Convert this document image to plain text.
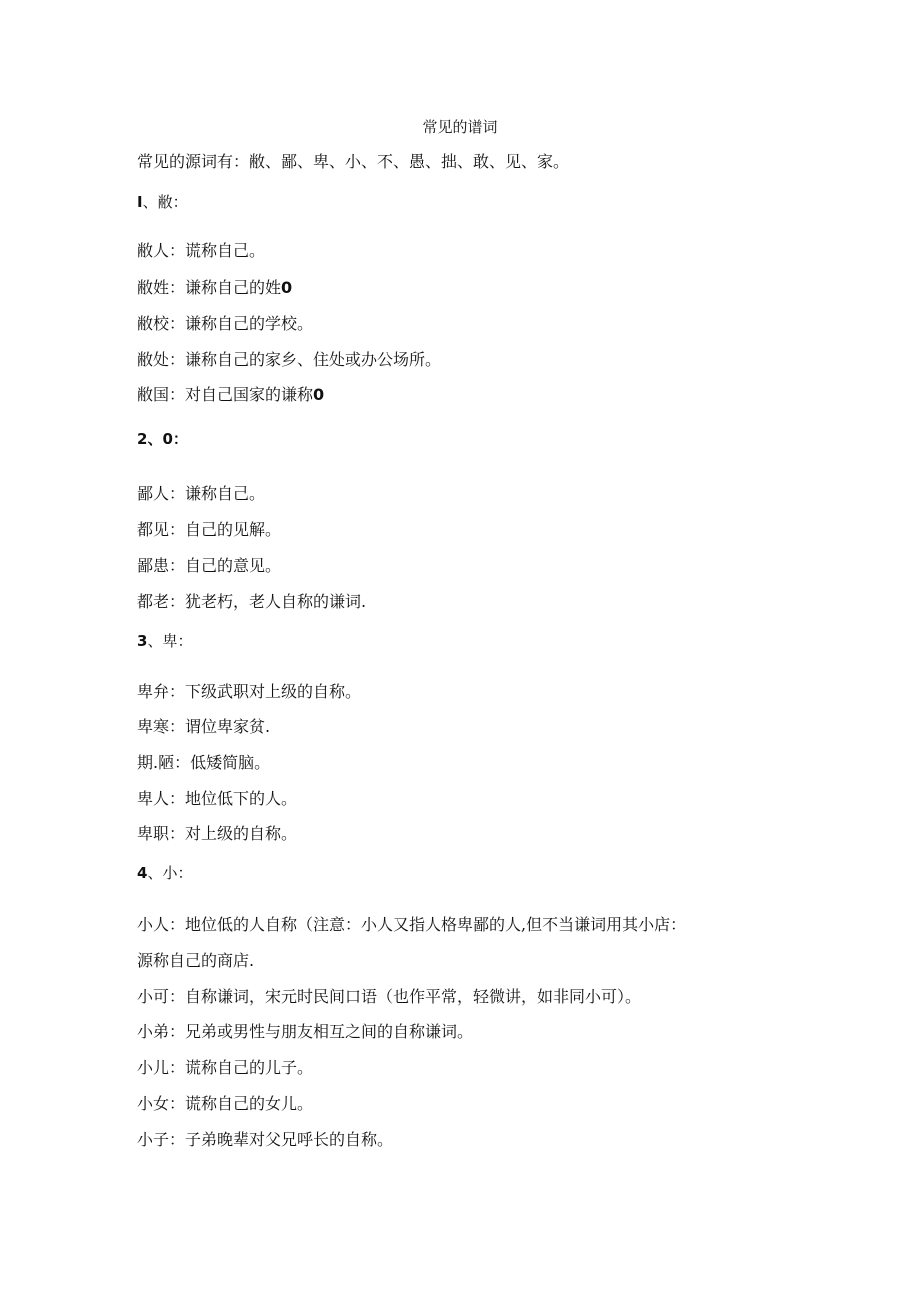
常见的谱词
常见的源词有：敝、鄙、卑、小、不、愚、拙、敢、见、家。
I、敝：
敝人：谎称自己。
敝姓：谦称自己的姓0
敝校：谦称自己的学校。
敝处：谦称自己的家乡、住处或办公场所。
敝国：对自己国家的谦称0
2、0：
鄙人：谦称自己。
都见：自己的见解。
鄙患：自己的意见。
都老：犹老朽，老人自称的谦词.
3、卑：
卑弁：下级武职对上级的自称。
卑寒：谓位卑家贫.
期.陋：低矮简脑。
卑人：地位低下的人。
卑职：对上级的自称。
4、小：
小人：地位低的人自称（注意：小人又指人格卑鄙的人,但不当谦词用其小店：
源称自己的商店.
小可：自称谦词，宋元时民间口语（也作平常，轻微讲，如非同小可）。
小弟：兄弟或男性与朋友相互之间的自称谦词。
小儿：谎称自己的儿子。
小女：谎称自己的女儿。
小子：子弟晚辈对父兄呼长的自称。
